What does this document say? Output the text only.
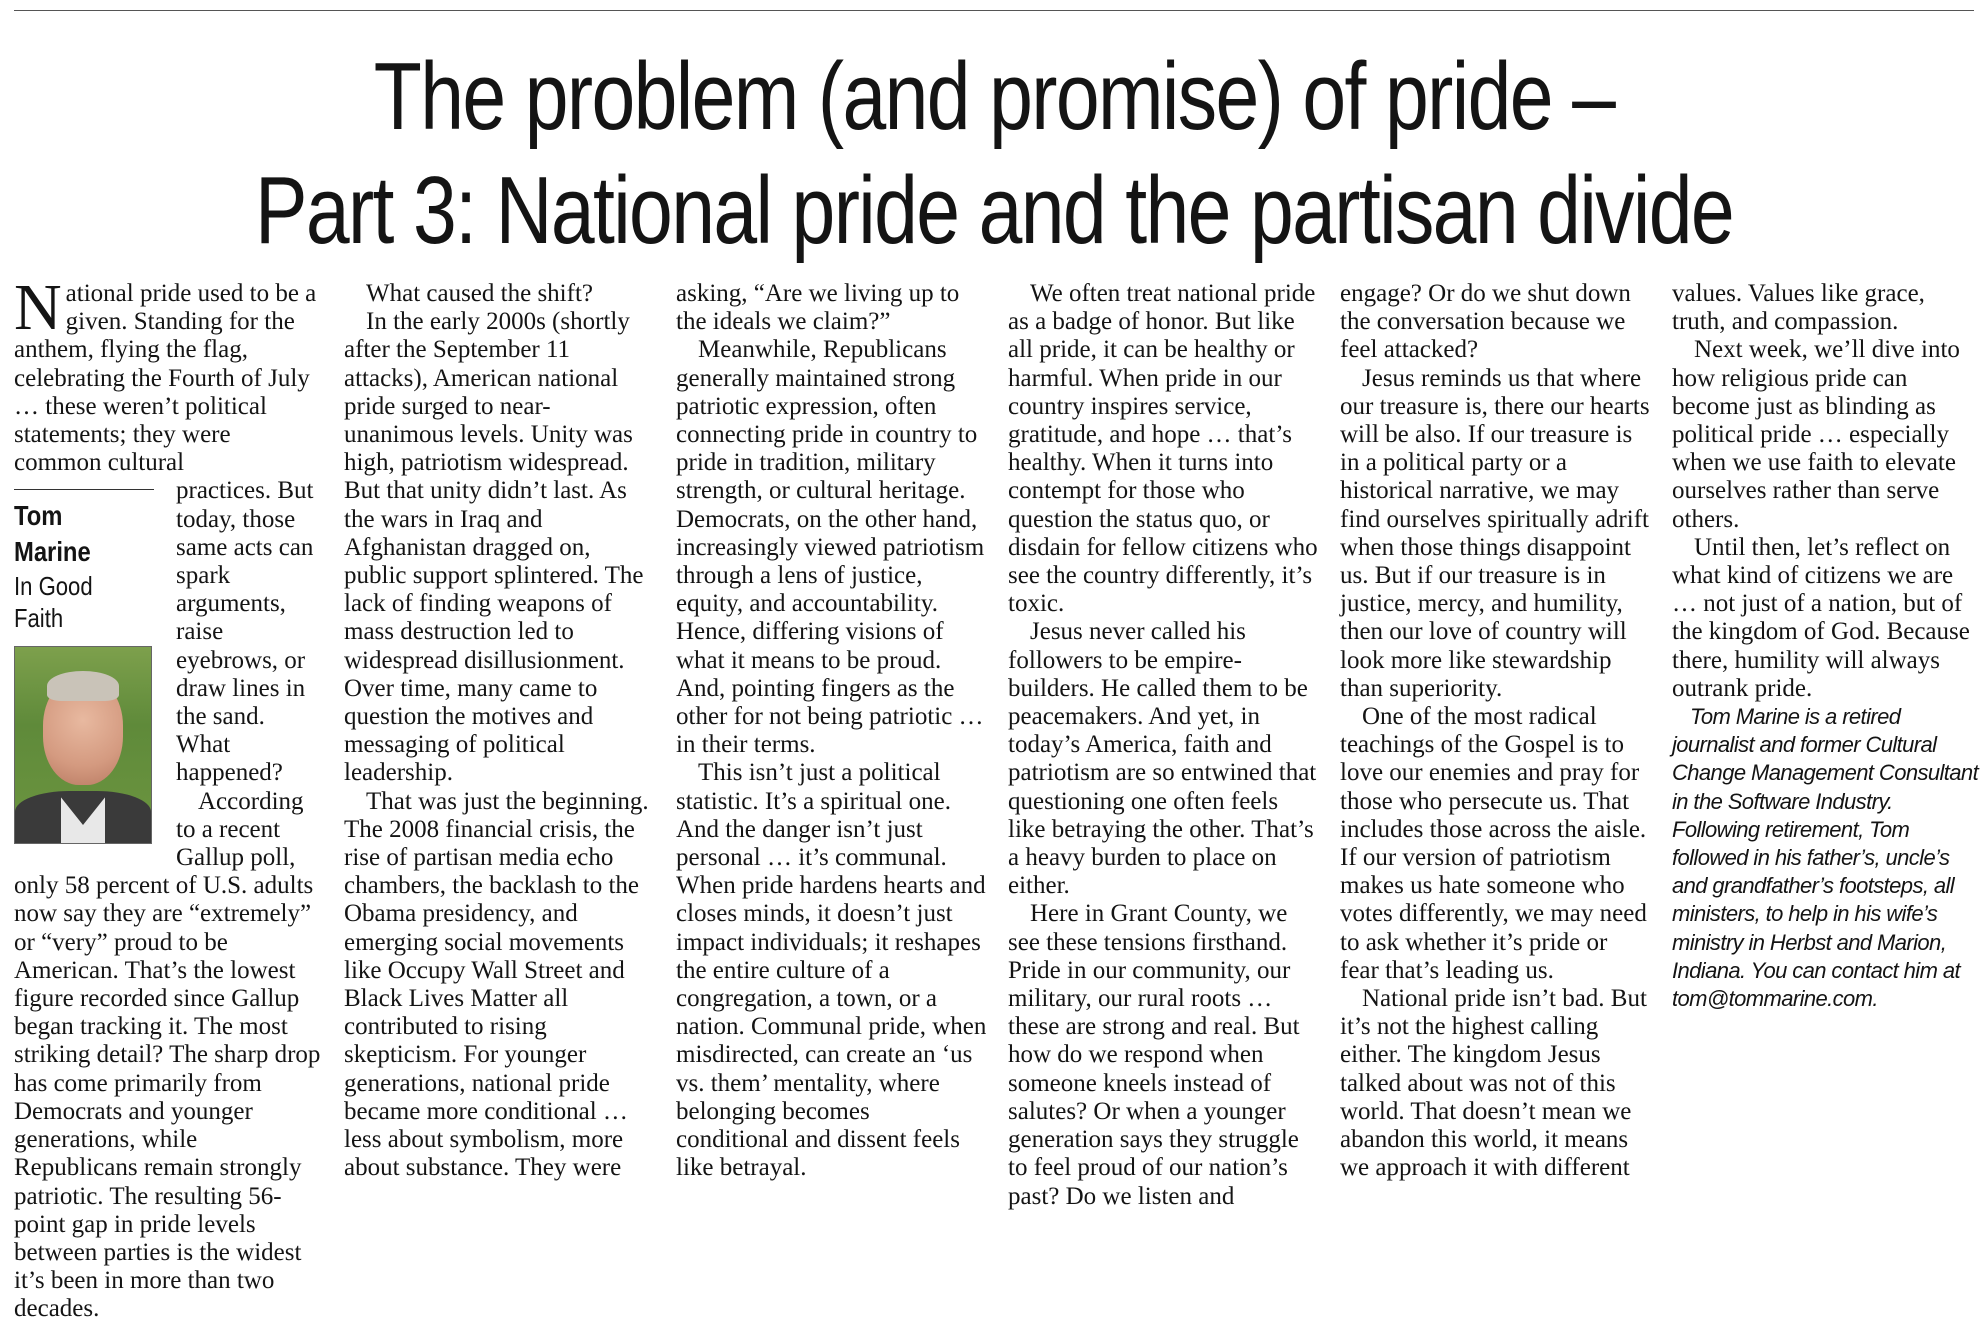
The problem (and promise) of pride –
Part 3: National pride and the partisan divide

National pride used to be a given. Standing for the anthem, flying the flag, celebrating the Fourth of July … these weren’t political statements; they were common cultural

Tom Marine
In Good Faith

practices. But today, those same acts can spark arguments, raise eyebrows, or draw lines in the sand. What happened?

According to a recent Gallup poll, only 58 percent of U.S. adults now say they are “extremely” or “very” proud to be American. That’s the lowest figure recorded since Gallup began tracking it. The most striking detail? The sharp drop has come primarily from Democrats and younger generations, while Republicans remain strongly patriotic. The resulting 56-point gap in pride levels between parties is the widest it’s been in more than two decades.

What caused the shift?

In the early 2000s (shortly after the September 11 attacks), American national pride surged to near-unanimous levels. Unity was high, patriotism widespread. But that unity didn’t last. As the wars in Iraq and Afghanistan dragged on, public support splintered. The lack of finding weapons of mass destruction led to widespread disillusionment. Over time, many came to question the motives and messaging of political leadership.

That was just the beginning. The 2008 financial crisis, the rise of partisan media echo chambers, the backlash to the Obama presidency, and emerging social movements like Occupy Wall Street and Black Lives Matter all contributed to rising skepticism. For younger generations, national pride became more conditional … less about symbolism, more about substance. They were asking, “Are we living up to the ideals we claim?”

Meanwhile, Republicans generally maintained strong patriotic expression, often connecting pride in country to pride in tradition, military strength, or cultural heritage. Democrats, on the other hand, increasingly viewed patriotism through a lens of justice, equity, and accountability. Hence, differing visions of what it means to be proud. And, pointing fingers as the other for not being patriotic … in their terms.

This isn’t just a political statistic. It’s a spiritual one. And the danger isn’t just personal … it’s communal. When pride hardens hearts and closes minds, it doesn’t just impact individuals; it reshapes the entire culture of a congregation, a town, or a nation. Communal pride, when misdirected, can create an ‘us vs. them’ mentality, where belonging becomes conditional and dissent feels like betrayal.

We often treat national pride as a badge of honor. But like all pride, it can be healthy or harmful. When pride in our country inspires service, gratitude, and hope … that’s healthy. When it turns into contempt for those who question the status quo, or disdain for fellow citizens who see the country differently, it’s toxic.

Jesus never called his followers to be empire-builders. He called them to be peacemakers. And yet, in today’s America, faith and patriotism are so entwined that questioning one often feels like betraying the other. That’s a heavy burden to place on either.

Here in Grant County, we see these tensions firsthand. Pride in our community, our military, our rural roots … these are strong and real. But how do we respond when someone kneels instead of salutes? Or when a younger generation says they struggle to feel proud of our nation’s past? Do we listen and engage? Or do we shut down the conversation because we feel attacked?

Jesus reminds us that where our treasure is, there our hearts will be also. If our treasure is in a political party or a historical narrative, we may find ourselves spiritually adrift when those things disappoint us. But if our treasure is in justice, mercy, and humility, then our love of country will look more like stewardship than superiority.

One of the most radical teachings of the Gospel is to love our enemies and pray for those who persecute us. That includes those across the aisle. If our version of patriotism makes us hate someone who votes differently, we may need to ask whether it’s pride or fear that’s leading us.

National pride isn’t bad. But it’s not the highest calling either. The kingdom Jesus talked about was not of this world. That doesn’t mean we abandon this world, it means we approach it with different values. Values like grace, truth, and compassion.

Next week, we’ll dive into how religious pride can become just as blinding as political pride … especially when we use faith to elevate ourselves rather than serve others.

Until then, let’s reflect on what kind of citizens we are … not just of a nation, but of the kingdom of God. Because there, humility will always outrank pride.

Tom Marine is a retired journalist and former Cultural Change Management Consultant in the Software Industry. Following retirement, Tom followed in his father’s, uncle’s and grandfather’s footsteps, all ministers, to help in his wife’s ministry in Herbst and Marion, Indiana. You can contact him at tom@tommarine.com.
